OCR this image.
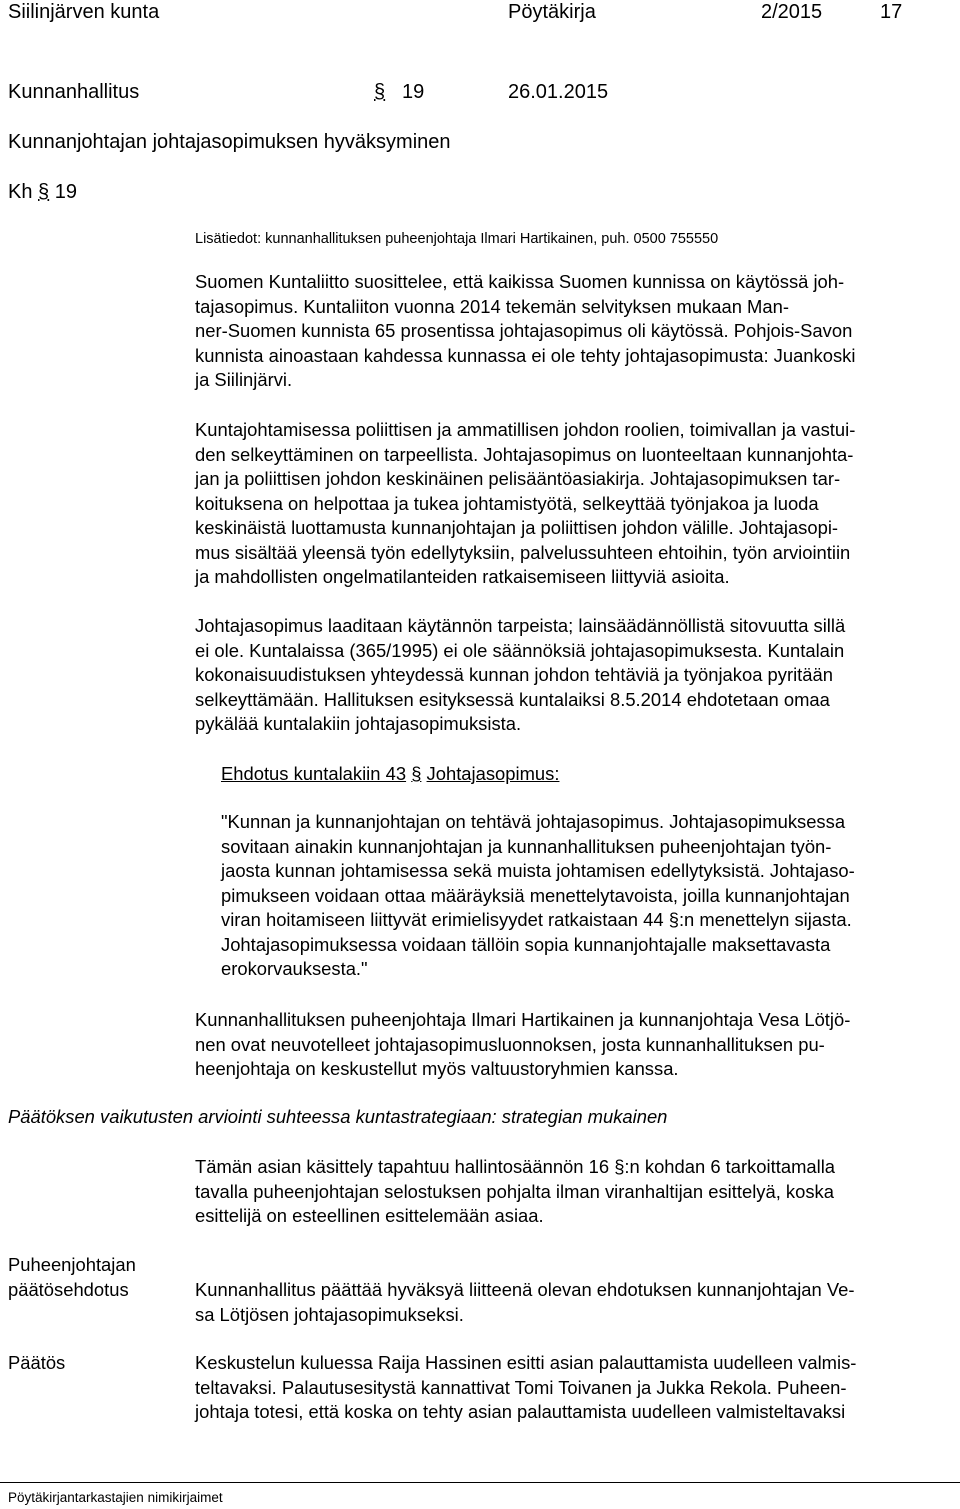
Siilinjärven kunta	Pöytäkirja	2/2015	17
Kunnanhallitus	§ 19	26.01.2015
Kunnanjohtajan johtajasopimuksen hyväksyminen
Kh § 19
Lisätiedot: kunnanhallituksen puheenjohtaja Ilmari Hartikainen, puh. 0500 755550
Suomen Kuntaliitto suosittelee, että kaikissa Suomen kunnissa on käytössä joh-
tajasopimus. Kuntaliiton vuonna 2014 tekemän selvityksen mukaan Man-
ner-Suomen kunnista 65 prosentissa johtajasopimus oli käytössä. Pohjois-Savon
kunnista ainoastaan kahdessa kunnassa ei ole tehty johtajasopimusta: Juankoski
ja Siilinjärvi.
Kuntajohtamisessa poliittisen ja ammatillisen johdon roolien, toimivallan ja vastui-
den selkeyttäminen on tarpeellista. Johtajasopimus on luonteeltaan kunnanjohta-
jan ja poliittisen johdon keskinäinen pelisääntöasiakirja. Johtajasopimuksen tar-
koituksena on helpottaa ja tukea johtamistyötä, selkeyttää työnjakoa ja luoda
keskinäistä luottamusta kunnanjohtajan ja poliittisen johdon välille. Johtajasopi-
mus sisältää yleensä työn edellytyksiin, palvelussuhteen ehtoihin, työn arviointiin
ja mahdollisten ongelmatilanteiden ratkaisemiseen liittyviä asioita.
Johtajasopimus laaditaan käytännön tarpeista; lainsäädännöllistä sitovuutta sillä
ei ole. Kuntalaissa (365/1995) ei ole säännöksiä johtajasopimuksesta. Kuntalain
kokonaisuudistuksen yhteydessä kunnan johdon tehtäviä ja työnjakoa pyritään
selkeyttämään. Hallituksen esityksessä kuntalaiksi 8.5.2014 ehdotetaan omaa
pykälää kuntalakiin johtajasopimuksista.
Ehdotus kuntalakiin 43 § Johtajasopimus:
"Kunnan ja kunnanjohtajan on tehtävä johtajasopimus. Johtajasopimuksessa
sovitaan ainakin kunnanjohtajan ja kunnanhallituksen puheenjohtajan työn-
jaosta kunnan johtamisessa sekä muista johtamisen edellytyksistä. Johtajaso-
pimukseen voidaan ottaa määräyksiä menettelytavoista, joilla kunnanjohtajan
viran hoitamiseen liittyvät erimielisyydet ratkaistaan 44 §:n menettelyn sijasta.
Johtajasopimuksessa voidaan tällöin sopia kunnanjohtajalle maksettavasta
erokorvauksesta."
Kunnanhallituksen puheenjohtaja Ilmari Hartikainen ja kunnanjohtaja Vesa Lötjö-
nen ovat neuvotelleet johtajasopimusluonnoksen, josta kunnanhallituksen pu-
heenjohtaja on keskustellut myös valtuustoryhmien kanssa.
Päätöksen vaikutusten arviointi suhteessa kuntastrategiaan: strategian mukainen
Tämän asian käsittely tapahtuu hallintosäännön 16 §:n kohdan 6 tarkoittamalla
tavalla puheenjohtajan selostuksen pohjalta ilman viranhaltijan esittelyä, koska
esittelijä on esteellinen esittelemään asiaa.
Puheenjohtajan
päätösehdotus	Kunnanhallitus päättää hyväksyä liitteenä olevan ehdotuksen kunnanjohtajan Ve-
sa Lötjösen johtajasopimukseksi.
Päätös	Keskustelun kuluessa Raija Hassinen esitti asian palauttamista uudelleen valmis-
teltavaksi. Palautusesitystä kannattivat Tomi Toivanen ja Jukka Rekola. Puheen-
johtaja totesi, että koska on tehty asian palauttamista uudelleen valmisteltavaksi
Pöytäkirjantarkastajien nimikirjaimet
